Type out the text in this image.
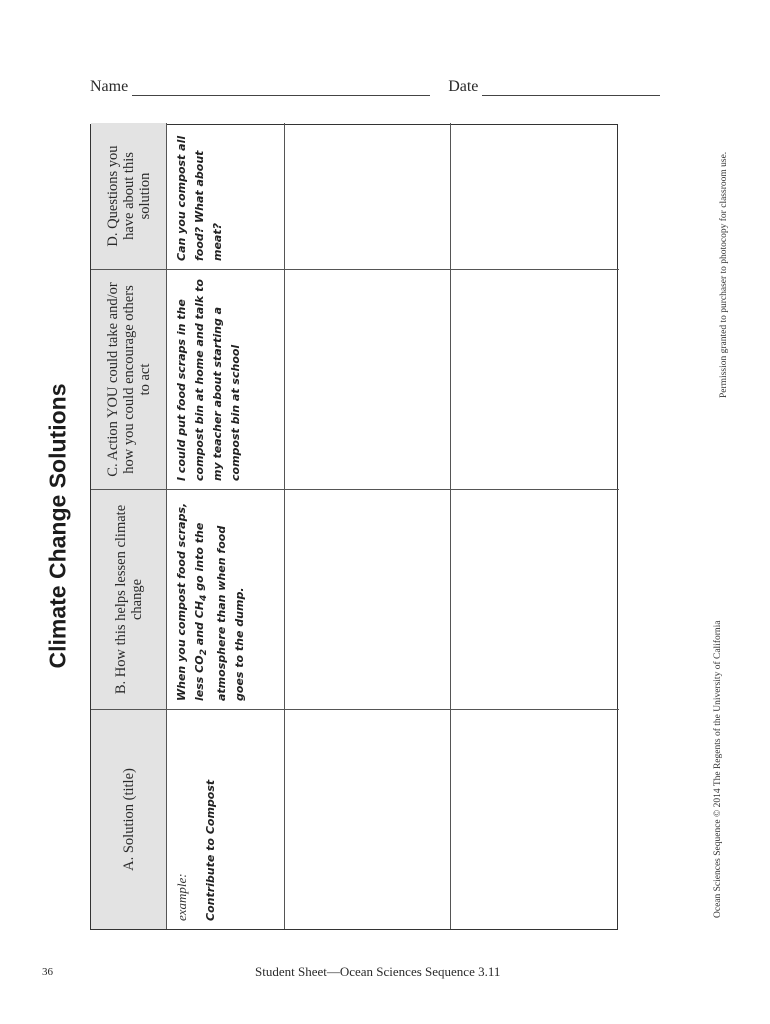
Name	Date
Climate Change Solutions
A. Solution (title)
B. How this helps lessen climate change
C. Action YOU could take and/or how you could encourage others to act
D. Questions you have about this solution
example: Contribute to Compost
When you compost food scraps, less $CO_2$ and $CH_4$ go into the atmosphere than when food goes to the dump.
I could put food scraps in the compost bin at home and talk to my teacher about starting a compost bin at school
Can you compost all food? What about meat?
36	Student Sheet—Ocean Sciences Sequence 3.11
Permission granted to purchaser to photocopy for classroom use.
Ocean Sciences Sequence © 2014 The Regents of the University of California
